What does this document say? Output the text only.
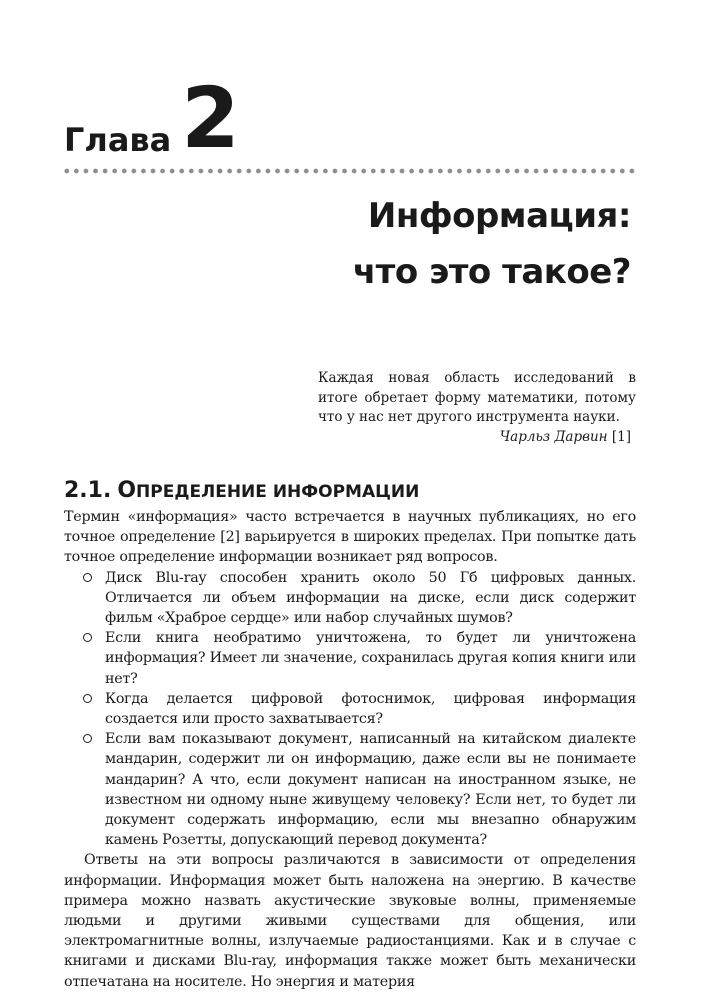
Глава 2
Информация:
что это такое?
Каждая новая область исследований в итоге обретает форму математики, потому что у нас нет другого инструмента науки.
Чарльз Дарвин [1]
2.1. ОПРЕДЕЛЕНИЕ ИНФОРМАЦИИ

Термин «информация» часто встречается в научных публикациях, но его точное определение [2] варьируется в широких пределах. При попытке дать точное определение информации возникает ряд вопросов.

Диск Blu-ray способен хранить около 50 Гб цифровых данных. Отличается ли объем информации на диске, если диск содержит фильм «Храброе сердце» или набор случайных шумов?
Если книга необратимо уничтожена, то будет ли уничтожена информация? Имеет ли значение, сохранилась другая копия книги или нет?
Когда делается цифровой фотоснимок, цифровая информация создается или просто захватывается?
Если вам показывают документ, написанный на китайском диалекте мандарин, содержит ли он информацию, даже если вы не понимаете мандарин? А что, если документ написан на иностранном языке, не известном ни одному ныне живущему человеку? Если нет, то будет ли документ содержать информацию, если мы внезапно обнаружим камень Розетты, допускающий перевод документа?

Ответы на эти вопросы различаются в зависимости от определения информации. Информация может быть наложена на энергию. В качестве примера можно назвать акустические звуковые волны, применяемые людьми и другими живыми существами для общения, или электромагнитные волны, излучаемые радиостанциями. Как и в случае с книгами и дисками Blu-ray, информация также может быть механически отпечатана на носителе. Но энергия и материя
